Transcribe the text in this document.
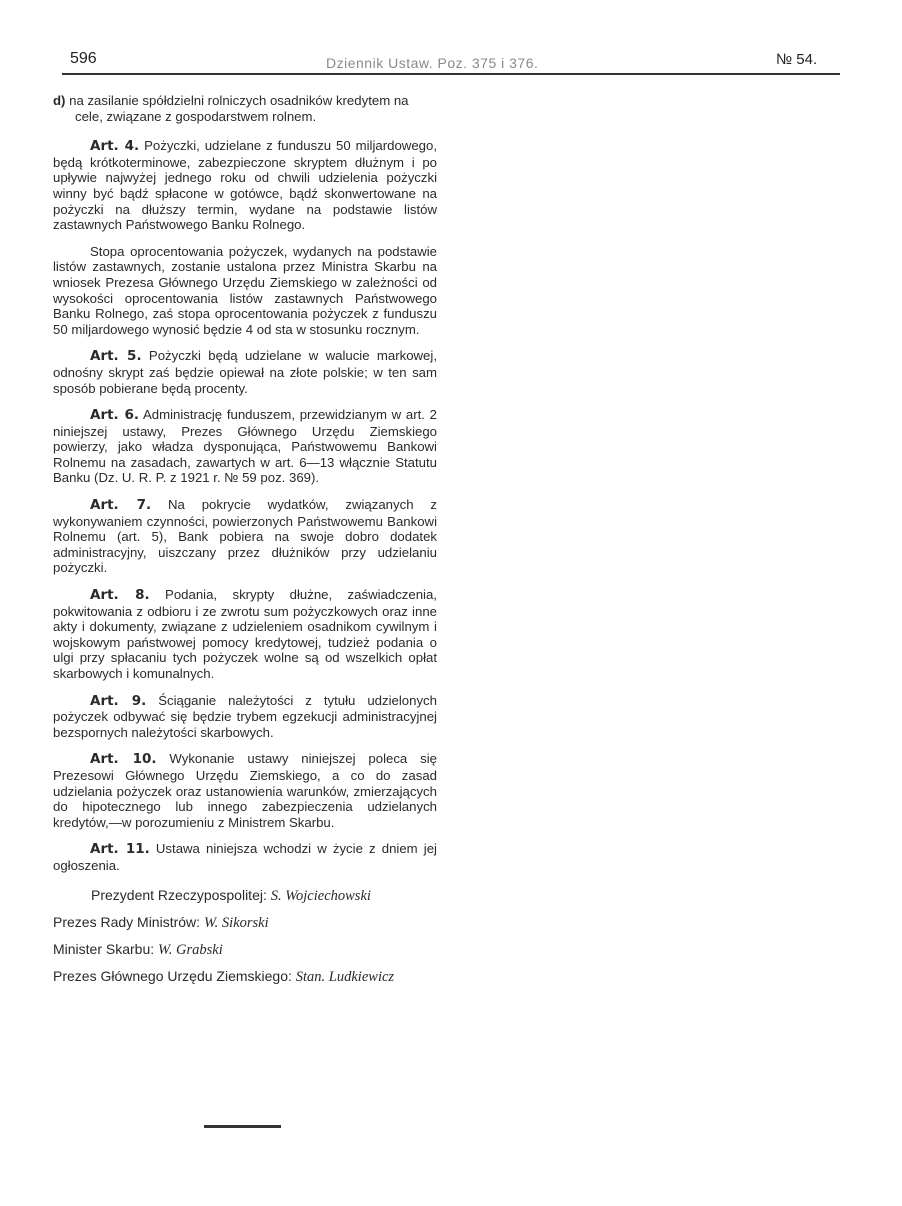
596	Dziennik Ustaw. Poz. 375 i 376.	№ 54.

d) na zasilanie spółdzielni rolniczych osadników kredytem na cele, związane z gospodarstwem rolnem.

Art. 4. Pożyczki, udzielane z funduszu 50 miljardowego, będą krótkoterminowe, zabezpieczone skryptem dłużnym i po upływie najwyżej jednego roku od chwili udzielenia pożyczki winny być bądź spłacone w gotówce, bądź skonwertowane na pożyczki na dłuższy termin, wydane na podstawie listów zastawnych Państwowego Banku Rolnego.

Stopa oprocentowania pożyczek, wydanych na podstawie listów zastawnych, zostanie ustalona przez Ministra Skarbu na wniosek Prezesa Głównego Urzędu Ziemskiego w zależności od wysokości oprocentowania listów zastawnych Państwowego Banku Rolnego, zaś stopa oprocentowania pożyczek z funduszu 50 miljardowego wynosić będzie 4 od sta w stosunku rocznym.

Art. 5. Pożyczki będą udzielane w walucie markowej, odnośny skrypt zaś będzie opiewał na złote polskie; w ten sam sposób pobierane będą procenty.

Art. 6. Administrację funduszem, przewidzianym w art. 2 niniejszej ustawy, Prezes Głównego Urzędu Ziemskiego powierzy, jako władza dysponująca, Państwowemu Bankowi Rolnemu na zasadach, zawartych w art. 6—13 włącznie Statutu Banku (Dz. U. R. P. z 1921 r. № 59 poz. 369).

Art. 7. Na pokrycie wydatków, związanych z wykonywaniem czynności, powierzonych Państwowemu Bankowi Rolnemu (art. 5), Bank pobiera na swoje dobro dodatek administracyjny, uiszczany przez dłużników przy udzielaniu pożyczki.

Art. 8. Podania, skrypty dłużne, zaświadczenia, pokwitowania z odbioru i ze zwrotu sum pożyczkowych oraz inne akty i dokumenty, związane z udzieleniem osadnikom cywilnym i wojskowym państwowej pomocy kredytowej, tudzież podania o ulgi przy spłacaniu tych pożyczek wolne są od wszelkich opłat skarbowych i komunalnych.

Art. 9. Ściąganie należytości z tytułu udzielonych pożyczek odbywać się będzie trybem egzekucji administracyjnej bezspornych należytości skarbowych.

Art. 10. Wykonanie ustawy niniejszej poleca się Prezesowi Głównego Urzędu Ziemskiego, a co do zasad udzielania pożyczek oraz ustanowienia warunków, zmierzających do hipotecznego lub innego zabezpieczenia udzielanych kredytów,—w porozumieniu z Ministrem Skarbu.

Art. 11. Ustawa niniejsza wchodzi w życie z dniem jej ogłoszenia.

Prezydent Rzeczypospolitej: S. Wojciechowski
Prezes Rady Ministrów: W. Sikorski
Minister Skarbu: W. Grabski
Prezes Głównego Urzędu Ziemskiego: Stan. Ludkiewicz
